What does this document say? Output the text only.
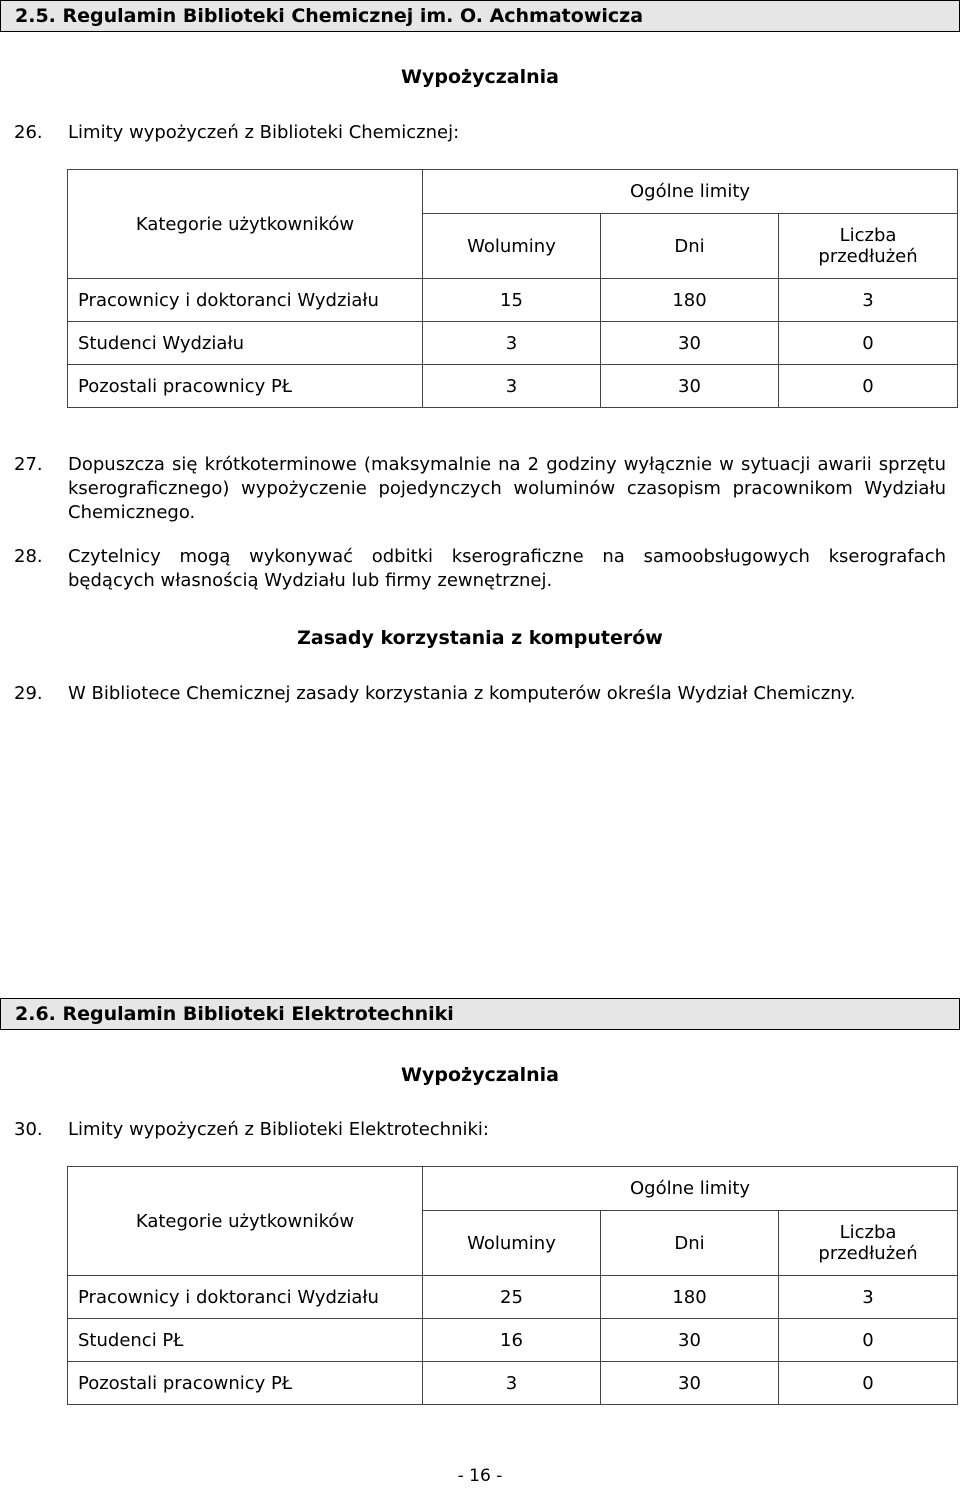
2.5. Regulamin Biblioteki Chemicznej im. O. Achmatowicza
Wypożyczalnia
26. Limity wypożyczeń z Biblioteki Chemicznej:
Kategorie użytkowników	Ogólne limity		
	Woluminy	Dni	Liczba
przedłużeń

Pracownicy i doktoranci Wydziału	15	180	3
Studenci Wydziału	3	30	0
Pozostali pracownicy PŁ	3	30	0
27. Dopuszcza się krótkoterminowe (maksymalnie na 2 godziny wyłącznie w sytuacji awarii sprzętu kserograficznego) wypożyczenie pojedynczych woluminów czasopism pracownikom Wydziału Chemicznego.
28. Czytelnicy mogą wykonywać odbitki kserograficzne na samoobsługowych kserografach będących własnością Wydziału lub firmy zewnętrznej.
Zasady korzystania z komputerów
29. W Bibliotece Chemicznej zasady korzystania z komputerów określa Wydział Chemiczny.
2.6. Regulamin Biblioteki Elektrotechniki
Wypożyczalnia
30. Limity wypożyczeń z Biblioteki Elektrotechniki:
Kategorie użytkowników	Ogólne limity		
	Woluminy	Dni	Liczba
przedłużeń

Pracownicy i doktoranci Wydziału	25	180	3
Studenci PŁ	16	30	0
Pozostali pracownicy PŁ	3	30	0
- 16 -
